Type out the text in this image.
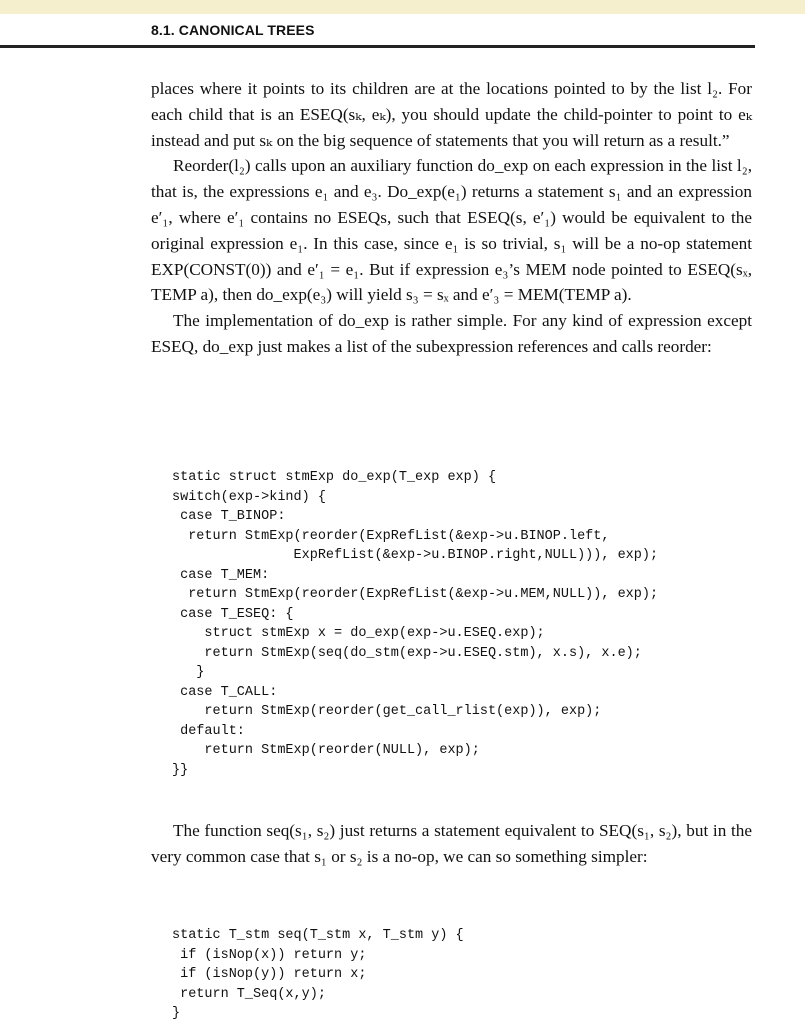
8.1. CANONICAL TREES

places where it points to its children are at the locations pointed to by the list l₂. For each child that is an ESEQ(sₖ, eₖ), you should update the child-pointer to point to eₖ instead and put sₖ on the big sequence of statements that you will return as a result.”

Reorder(l₂) calls upon an auxiliary function do_exp on each expression in the list l₂, that is, the expressions e₁ and e₃. Do_exp(e₁) returns a statement s₁ and an expression e′₁, where e′₁ contains no ESEQs, such that ESEQ(s, e′₁) would be equivalent to the original expression e₁. In this case, since e₁ is so trivial, s₁ will be a no-op statement EXP(CONST(0)) and e′₁ = e₁. But if expression e₃’s MEM node pointed to ESEQ(sₓ, TEMP a), then do_exp(e₃) will yield s₃ = sₓ and e′₃ = MEM(TEMP a).

The implementation of do_exp is rather simple. For any kind of expression except ESEQ, do_exp just makes a list of the subexpression references and calls reorder:

static struct stmExp do_exp(T_exp exp) {
switch(exp->kind) {
case T_BINOP:
return StmExp(reorder(ExpRefList(&exp->u.BINOP.left,
ExpRefList(&exp->u.BINOP.right,NULL))), exp);
case T_MEM:
return StmExp(reorder(ExpRefList(&exp->u.MEM,NULL)), exp);
case T_ESEQ: {
struct stmExp x = do_exp(exp->u.ESEQ.exp);
return StmExp(seq(do_stm(exp->u.ESEQ.stm), x.s), x.e);
}
case T_CALL:
return StmExp(reorder(get_call_rlist(exp)), exp);
default:
return StmExp(reorder(NULL), exp);
}}

The function seq(s₁, s₂) just returns a statement equivalent to SEQ(s₁, s₂), but in the very common case that s₁ or s₂ is a no-op, we can so something simpler:

static T_stm seq(T_stm x, T_stm y) {
if (isNop(x)) return y;
if (isNop(y)) return x;
return T_Seq(x,y);
}
